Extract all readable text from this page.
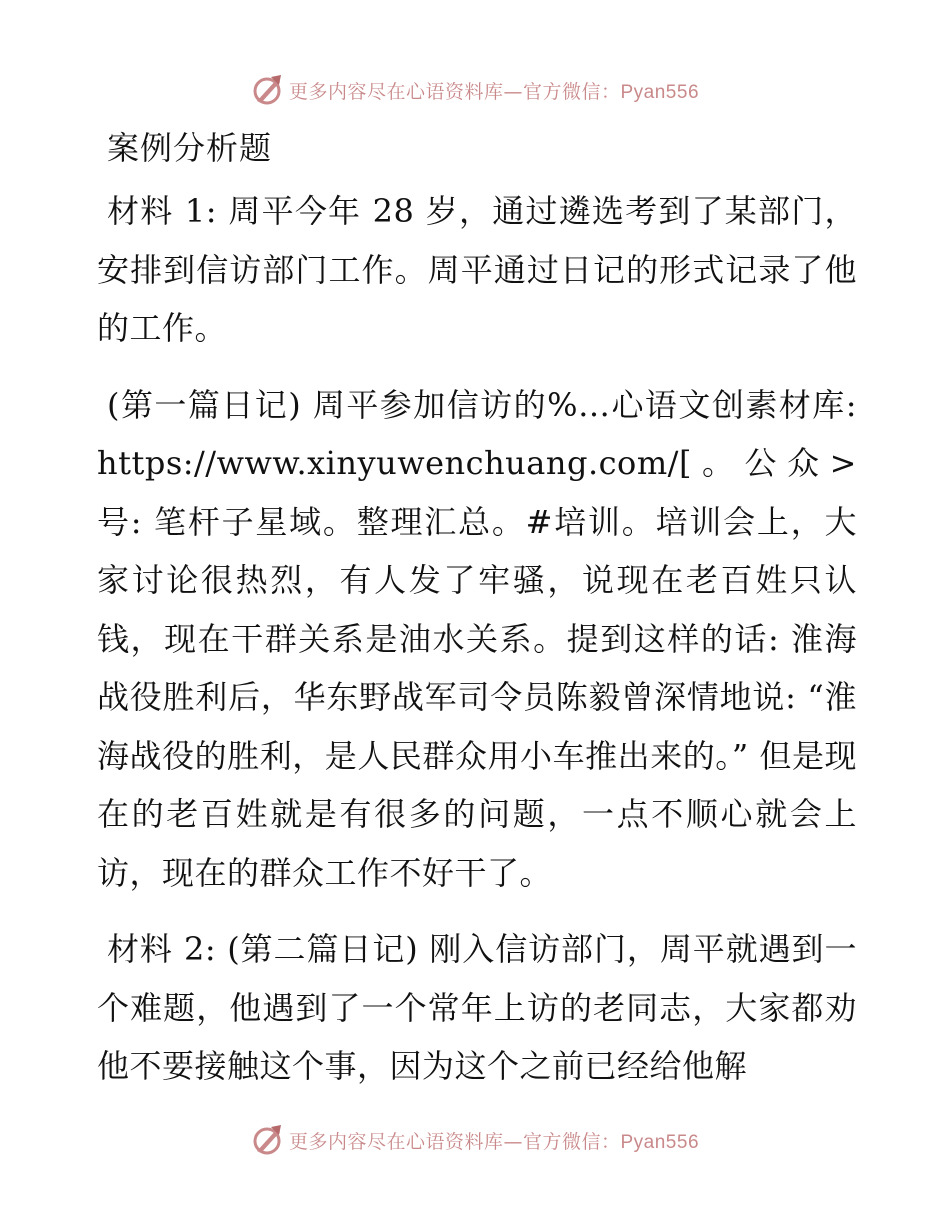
更多内容尽在心语资料库—官方微信：Pyan556
案例分析题

材料 1: 周平今年 28 岁，通过遴选考到了某部门，安排到信访部门工作。周平通过日记的形式记录了他的工作。

(第一篇日记) 周平参加信访的%…心语文创素材库: https://www.xinyuwenchuang.com/[。公众>号: 笔杆子星域。整理汇总。#培训。培训会上，大家讨论很热烈，有人发了牢骚，说现在老百姓只认钱，现在干群关系是油水关系。提到这样的话: 淮海战役胜利后，华东野战军司令员陈毅曾深情地说: “淮海战役的胜利，是人民群众用小车推出来的。” 但是现在的老百姓就是有很多的问题，一点不顺心就会上访，现在的群众工作不好干了。

材料 2: (第二篇日记) 刚入信访部门，周平就遇到一个难题，他遇到了一个常年上访的老同志，大家都劝他不要接触这个事，因为这个之前已经给他解

更多内容尽在心语资料库—官方微信：Pyan556
